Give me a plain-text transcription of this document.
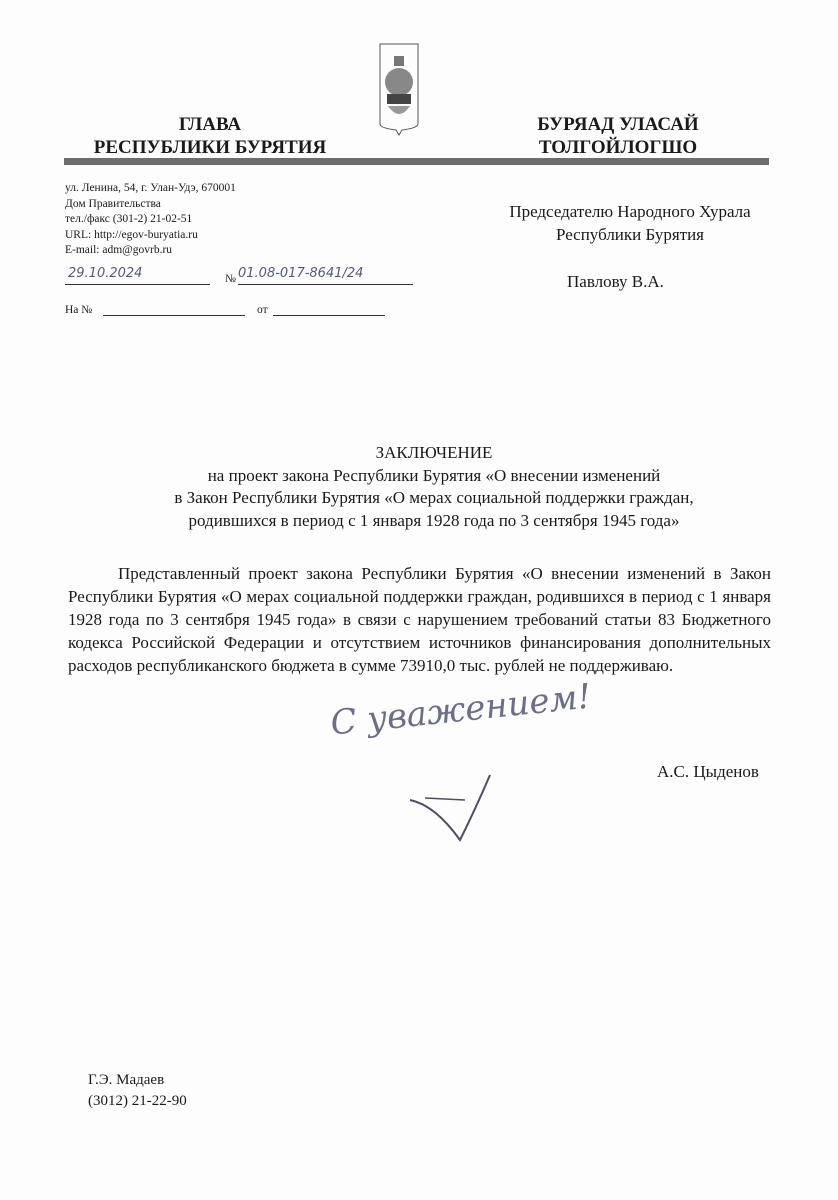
ГЛАВА
РЕСПУБЛИКИ БУРЯТИЯ
БУРЯАД УЛАСАЙ
ТОЛГОЙЛОГШО
ул. Ленина, 54, г. Улан-Удэ, 670001
Дом Правительства
тел./факс (301-2) 21-02-51
URL: http://egov-buryatia.ru
E-mail: adm@govrb.ru
29.10.2024	№ 01.08-017-8641/24
На №	от
Председателю Народного Хурала
Республики Бурятия
Павлову В.А.
ЗАКЛЮЧЕНИЕ
на проект закона Республики Бурятия «О внесении изменений
в Закон Республики Бурятия «О мерах социальной поддержки граждан,
родившихся в период с 1 января 1928 года по 3 сентября 1945 года»
Представленный проект закона Республики Бурятия «О внесении изменений в Закон Республики Бурятия «О мерах социальной поддержки граждан, родившихся в период с 1 января 1928 года по 3 сентября 1945 года» в связи с нарушением требований статьи 83 Бюджетного кодекса Российской Федерации и отсутствием источников финансирования дополнительных расходов республиканского бюджета в сумме 73910,0 тыс. рублей не поддерживаю.
С уважением!
А.С. Цыденов
Г.Э. Мадаев
(3012) 21-22-90
